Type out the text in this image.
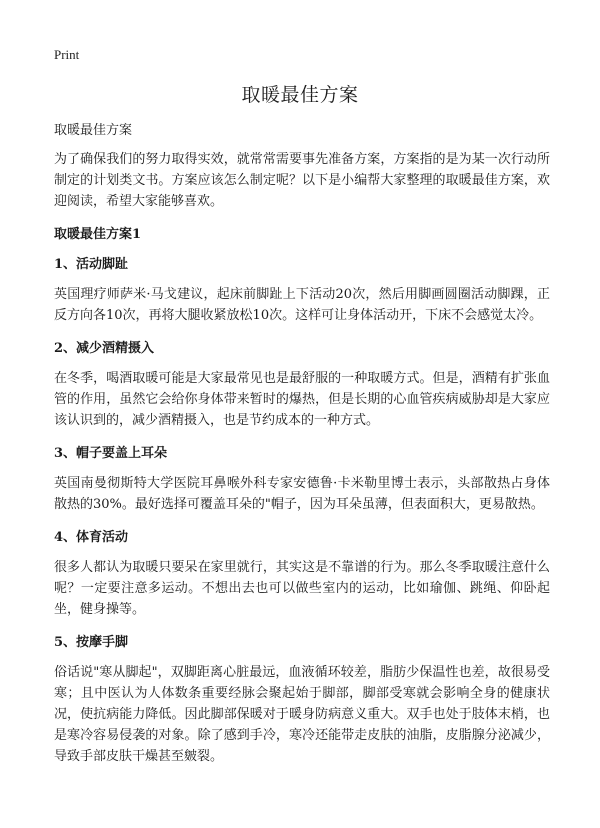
Print
取暖最佳方案

取暖最佳方案

为了确保我们的努力取得实效，就常常需要事先准备方案，方案指的是为某一次行动所制定的计划类文书。方案应该怎么制定呢？以下是小编帮大家整理的取暖最佳方案，欢迎阅读，希望大家能够喜欢。

取暖最佳方案1

1、活动脚趾

英国理疗师萨米·马戈建议，起床前脚趾上下活动20次，然后用脚画圆圈活动脚踝，正反方向各10次，再将大腿收紧放松10次。这样可让身体活动开，下床不会感觉太冷。

2、减少酒精摄入

在冬季，喝酒取暖可能是大家最常见也是最舒服的一种取暖方式。但是，酒精有扩张血管的作用，虽然它会给你身体带来暂时的爆热，但是长期的心血管疾病威胁却是大家应该认识到的，减少酒精摄入，也是节约成本的一种方式。

3、帽子要盖上耳朵

英国南曼彻斯特大学医院耳鼻喉外科专家安德鲁·卡米勒里博士表示，头部散热占身体散热的30%。最好选择可覆盖耳朵的"帽子，因为耳朵虽薄，但表面积大，更易散热。

4、体育活动

很多人都认为取暖只要呆在家里就行，其实这是不靠谱的行为。那么冬季取暖注意什么呢？一定要注意多运动。不想出去也可以做些室内的运动，比如瑜伽、跳绳、仰卧起坐，健身操等。

5、按摩手脚

俗话说"寒从脚起"，双脚距离心脏最远，血液循环较差，脂肪少保温性也差，故很易受寒；且中医认为人体数条重要经脉会聚起始于脚部，脚部受寒就会影响全身的健康状况，使抗病能力降低。因此脚部保暖对于暖身防病意义重大。双手也处于肢体末梢，也是寒冷容易侵袭的对象。除了感到手冷，寒冷还能带走皮肤的油脂，皮脂腺分泌减少，导致手部皮肤干燥甚至皴裂。
